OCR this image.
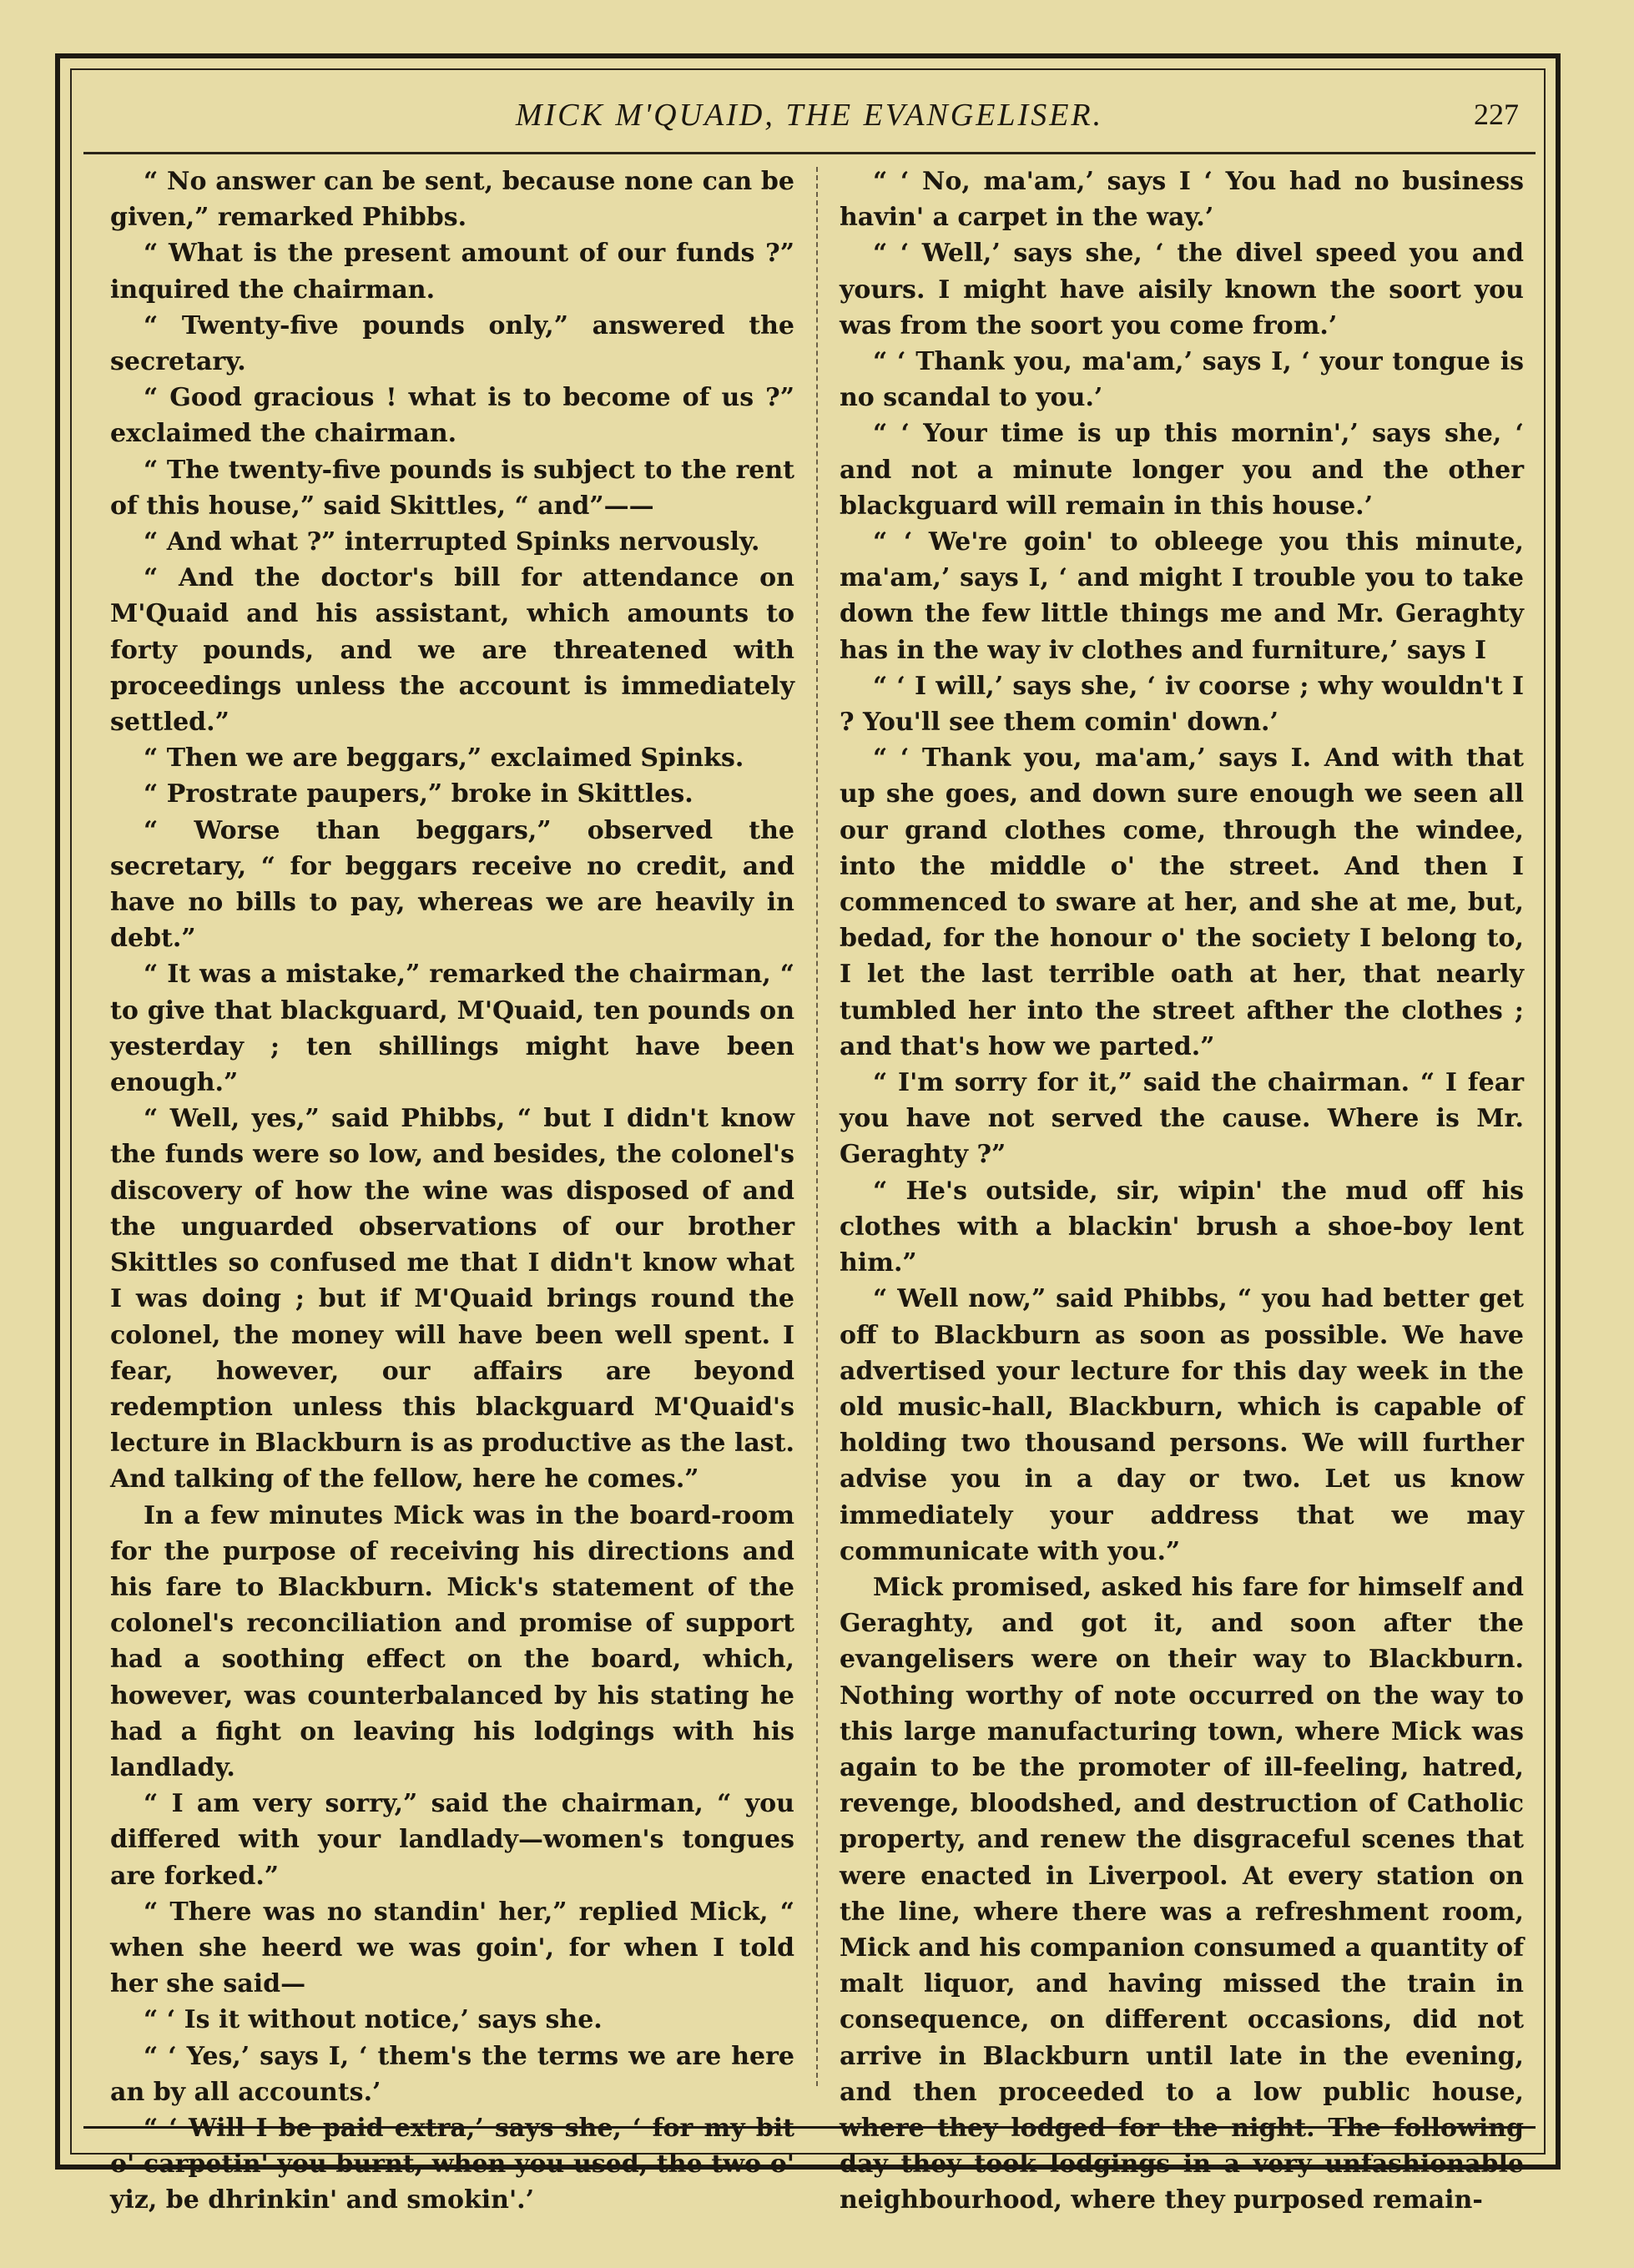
MICK M'QUAID, THE EVANGELISER.	227

“ No answer can be sent, because none can be given,” remarked Phibbs.

“ What is the present amount of our funds ?” inquired the chairman.

“ Twenty-five pounds only,” answered the secretary.

“ Good gracious ! what is to become of us ?” exclaimed the chairman.

“ The twenty-five pounds is subject to the rent of this house,” said Skittles, “ and”——

“ And what ?” interrupted Spinks nervously.

“ And the doctor's bill for attendance on M'Quaid and his assistant, which amounts to forty pounds, and we are threatened with proceedings unless the account is immediately settled.”

“ Then we are beggars,” exclaimed Spinks.

“ Prostrate paupers,” broke in Skittles.

“ Worse than beggars,” observed the secretary, “ for beggars receive no credit, and have no bills to pay, whereas we are heavily in debt.”

“ It was a mistake,” remarked the chairman, “ to give that blackguard, M'Quaid, ten pounds on yesterday ; ten shillings might have been enough.”

“ Well, yes,” said Phibbs, “ but I didn't know the funds were so low, and besides, the colonel's discovery of how the wine was disposed of and the unguarded observations of our brother Skittles so confused me that I didn't know what I was doing ; but if M'Quaid brings round the colonel, the money will have been well spent. I fear, however, our affairs are beyond redemption unless this blackguard M'Quaid's lecture in Blackburn is as productive as the last. And talking of the fellow, here he comes.”

In a few minutes Mick was in the board-room for the purpose of receiving his directions and his fare to Blackburn. Mick's statement of the colonel's reconciliation and promise of support had a soothing effect on the board, which, however, was counterbalanced by his stating he had a fight on leaving his lodgings with his landlady.

“ I am very sorry,” said the chairman, “ you differed with your landlady—women's tongues are forked.”

“ There was no standin' her,” replied Mick, “ when she heerd we was goin', for when I told her she said—

“ ‘ Is it without notice,’ says she.

“ ‘ Yes,’ says I, ‘ them's the terms we are here an by all accounts.’

“ ‘ Will I be paid extra,’ says she, ‘ for my bit o' carpetin' you burnt, when you used, the two o' yiz, be dhrinkin' and smokin'.’

“ ‘ No, ma'am,’ says I ‘ You had no business havin' a carpet in the way.’

“ ‘ Well,’ says she, ‘ the divel speed you and yours. I might have aisily known the soort you was from the soort you come from.’

“ ‘ Thank you, ma'am,’ says I, ‘ your tongue is no scandal to you.’

“ ‘ Your time is up this mornin',’ says she, ‘ and not a minute longer you and the other blackguard will remain in this house.’

“ ‘ We're goin' to obleege you this minute, ma'am,’ says I, ‘ and might I trouble you to take down the few little things me and Mr. Geraghty has in the way iv clothes and furniture,’ says I

“ ‘ I will,’ says she, ‘ iv coorse ; why wouldn't I ? You'll see them comin' down.’

“ ‘ Thank you, ma'am,’ says I. And with that up she goes, and down sure enough we seen all our grand clothes come, through the windee, into the middle o' the street. And then I commenced to sware at her, and she at me, but, bedad, for the honour o' the society I belong to, I let the last terrible oath at her, that nearly tumbled her into the street afther the clothes ; and that's how we parted.”

“ I'm sorry for it,” said the chairman. “ I fear you have not served the cause. Where is Mr. Geraghty ?”

“ He's outside, sir, wipin' the mud off his clothes with a blackin' brush a shoe-boy lent him.”

“ Well now,” said Phibbs, “ you had better get off to Blackburn as soon as possible. We have advertised your lecture for this day week in the old music-hall, Blackburn, which is capable of holding two thousand persons. We will further advise you in a day or two. Let us know immediately your address that we may communicate with you.”

Mick promised, asked his fare for himself and Geraghty, and got it, and soon after the evangelisers were on their way to Blackburn. Nothing worthy of note occurred on the way to this large manufacturing town, where Mick was again to be the promoter of ill-feeling, hatred, revenge, bloodshed, and destruction of Catholic property, and renew the disgraceful scenes that were enacted in Liverpool. At every station on the line, where there was a refreshment room, Mick and his companion consumed a quantity of malt liquor, and having missed the train in consequence, on different occasions, did not arrive in Blackburn until late in the evening, and then proceeded to a low public house, where they lodged for the night. The following day they took lodgings in a very unfashionable neighbourhood, where they purposed remain-
